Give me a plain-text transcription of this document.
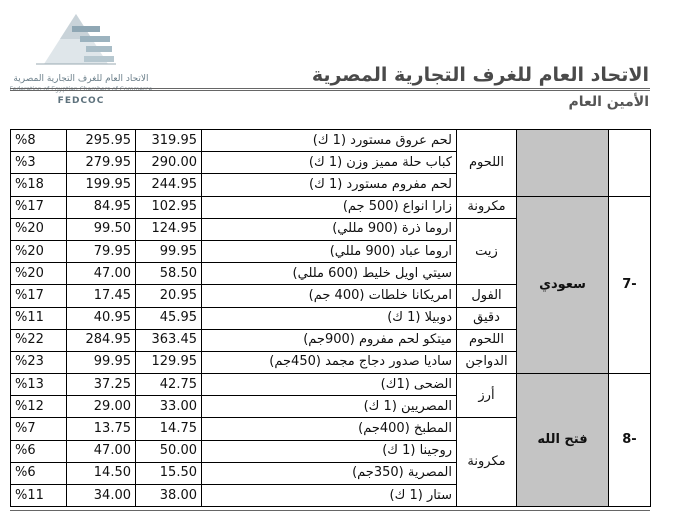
الاتحاد العام للغرف التجارية المصرية
FEDCOC
الاتحاد العام للغرف التجارية المصرية
الأمين العام
%8	295.95	319.95	لحم عروق مستورد (1 ك)	اللحوم		
%3	279.95	290.00	كباب حلة مميز وزن (1 ك)			
%18	199.95	244.95	لحم مفروم مستورد (1 ك)			
%17	84.95	102.95	زارا انواع (500 جم)	مكرونة	سعودي	7-
%20	99.50	124.95	اروما ذرة (900 مللي)	زيت		
%20	79.95	99.95	اروما عباد (900 مللي)			
%20	47.00	58.50	سيتي اويل خليط (600 مللي)			
%17	17.45	20.95	امريكانا خلطات (400 جم)	الفول		
%11	40.95	45.95	دوبيلا (1 ك)	دقيق		
%22	284.95	363.45	ميتكو لحم مفروم (900جم)	اللحوم		
%23	99.95	129.95	ساديا صدور دجاج مجمد (450جم)	الدواجن		
%13	37.25	42.75	الضحى (1ك)	أرز	فتح الله	8-
%12	29.00	33.00	المصريين (1 ك)			
%7	13.75	14.75	المطبخ (400جم)	مكرونة		
%6	47.00	50.00	روجينا (1 ك)			
%6	14.50	15.50	المصرية (350جم)			
%11	34.00	38.00	ستار (1 ك)			
